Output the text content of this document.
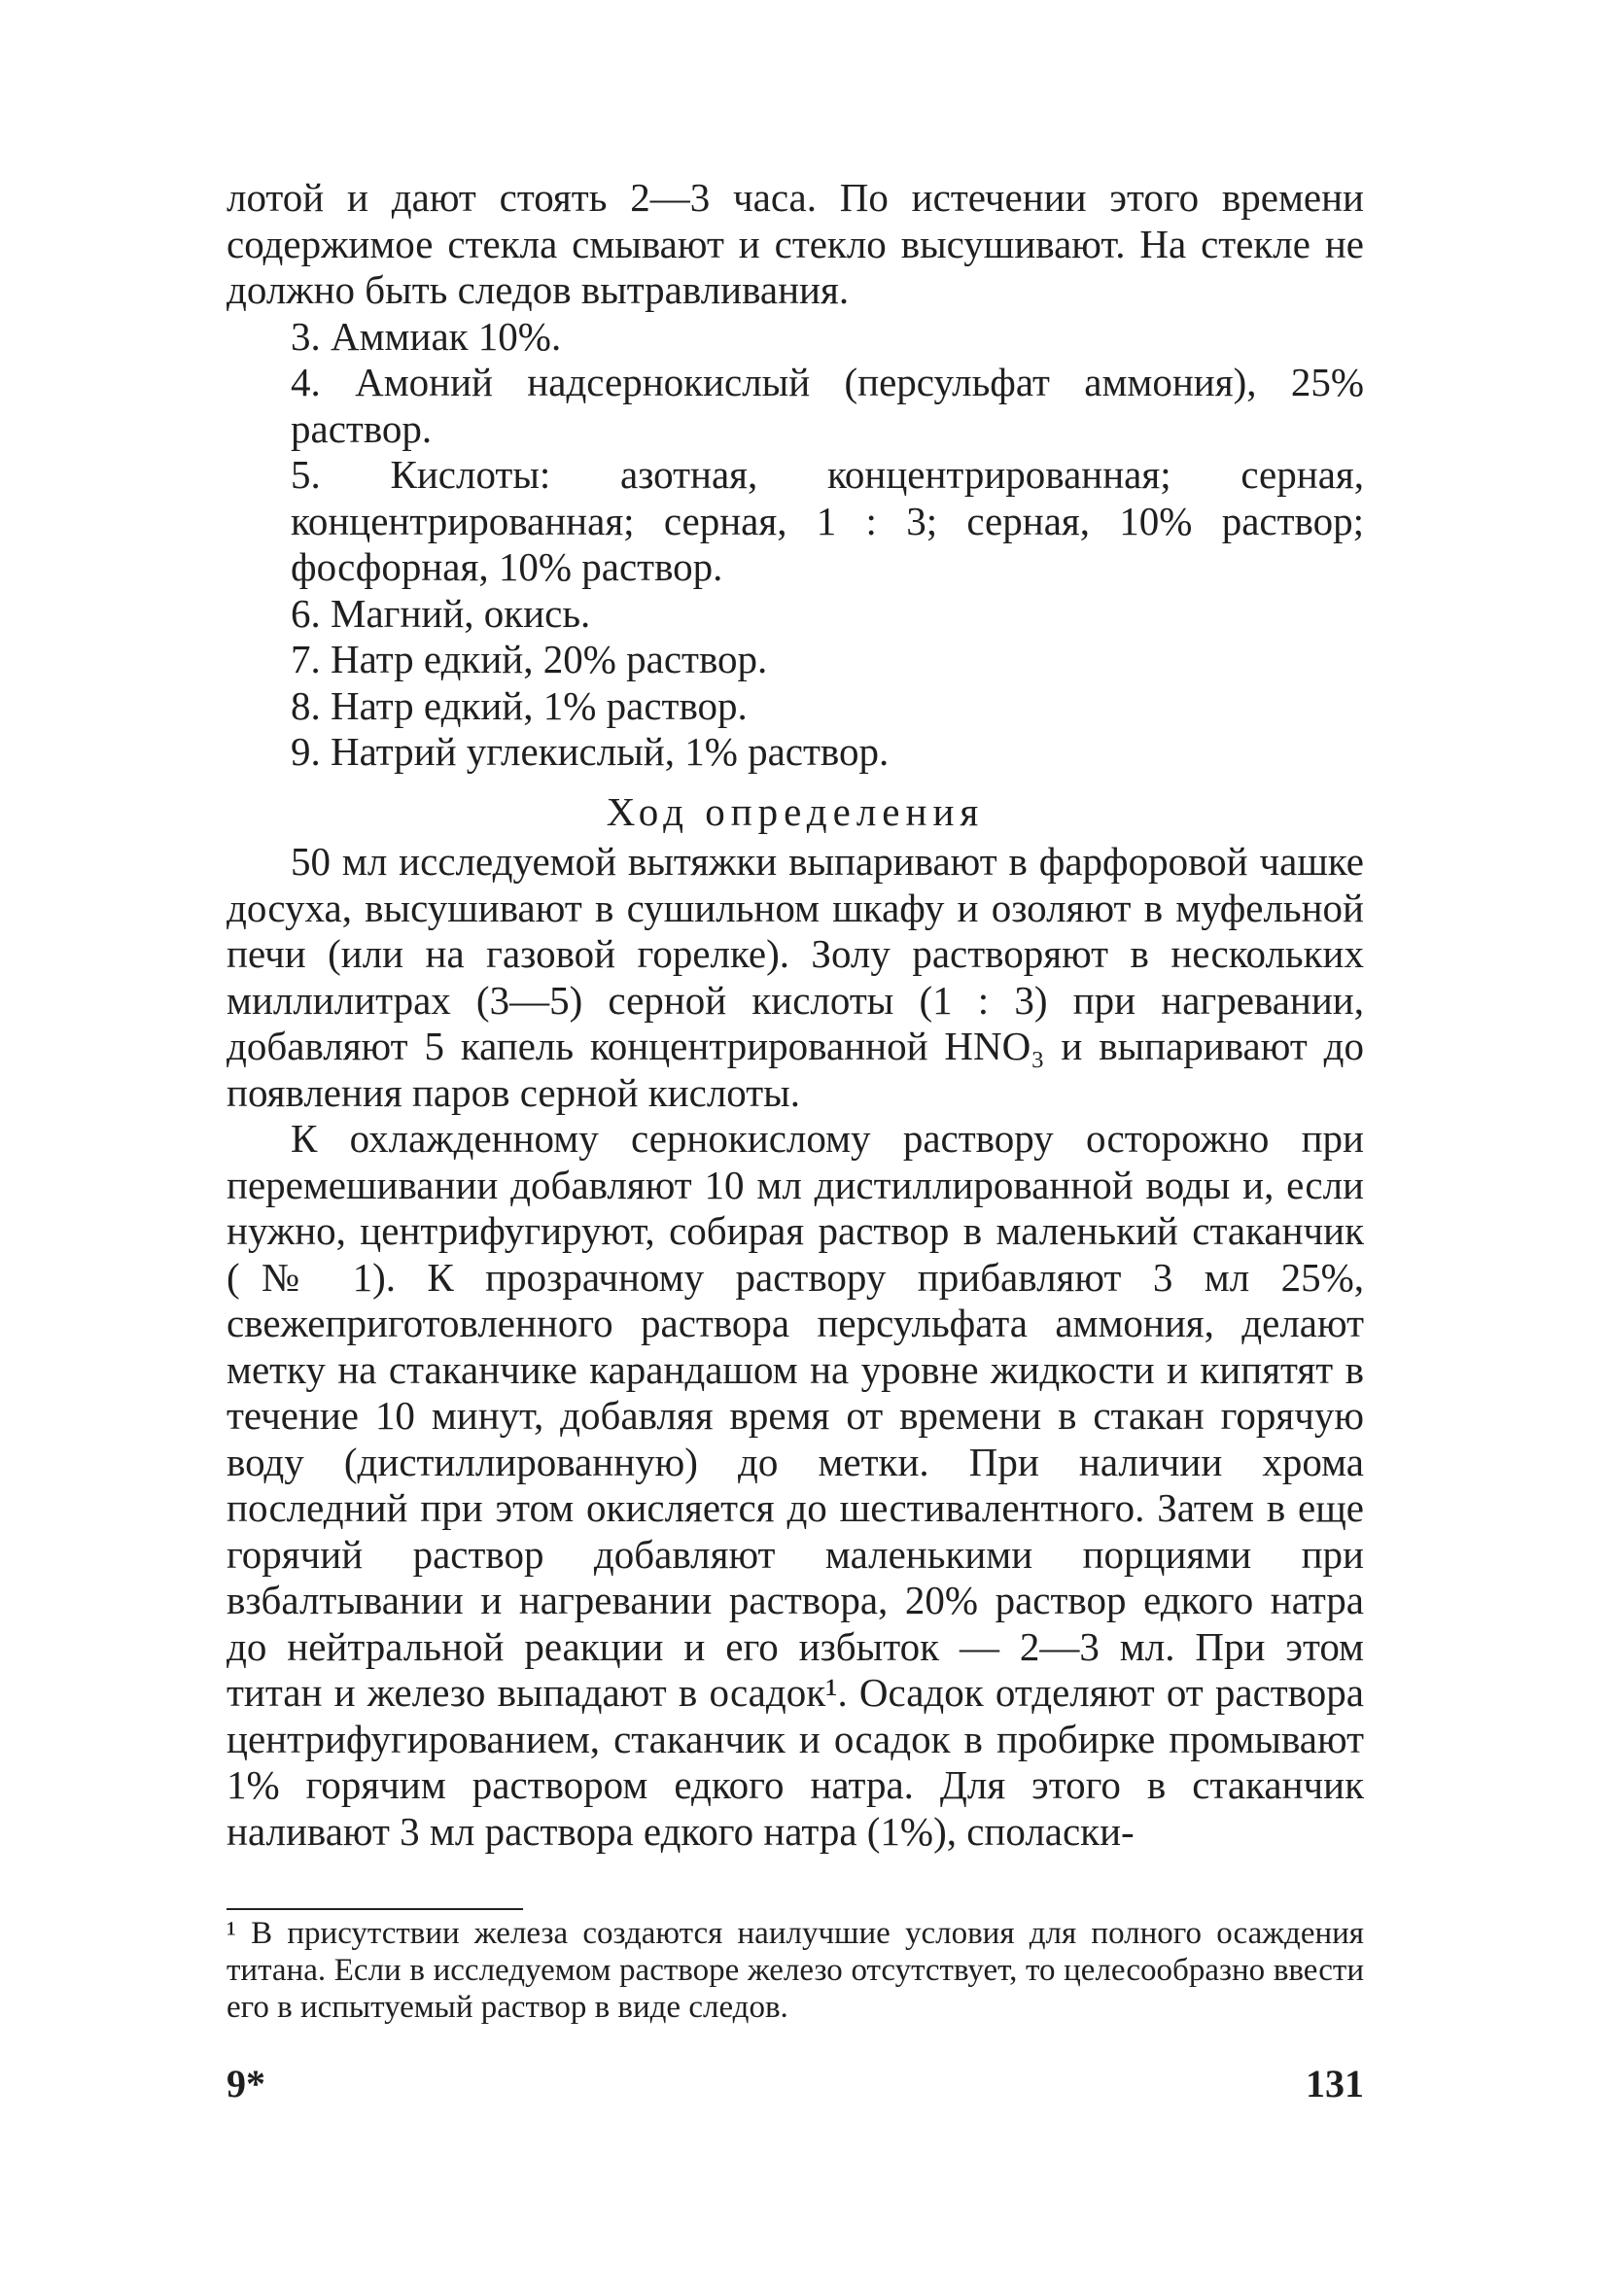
лотой и дают стоять 2—3 часа. По истечении этого времени содержимое стекла смывают и стекло высушивают. На стекле не должно быть следов вытравливания.

3. Аммиак 10%.

4. Амоний надсернокислый (персульфат аммония), 25% раствор.

5. Кислоты: азотная, концентрированная; серная, концентрированная; серная, 1 : 3; серная, 10% раствор; фосфорная, 10% раствор.

6. Магний, окись.

7. Натр едкий, 20% раствор.

8. Натр едкий, 1% раствор.

9. Натрий углекислый, 1% раствор.

Ход определения

50 мл исследуемой вытяжки выпаривают в фарфоровой чашке досуха, высушивают в сушильном шкафу и озоляют в муфельной печи (или на газовой горелке). Золу растворяют в нескольких миллилитрах (3—5) серной кислоты (1 : 3) при нагревании, добавляют 5 капель концентрированной HNO₃ и выпаривают до появления паров серной кислоты.

К охлажденному сернокислому раствору осторожно при перемешивании добавляют 10 мл дистиллированной воды и, если нужно, центрифугируют, собирая раствор в маленький стаканчик (№ 1). К прозрачному раствору прибавляют 3 мл 25%, свежеприготовленного раствора персульфата аммония, делают метку на стаканчике карандашом на уровне жидкости и кипятят в течение 10 минут, добавляя время от времени в стакан горячую воду (дистиллированную) до метки. При наличии хрома последний при этом окисляется до шестивалентного. Затем в еще горячий раствор добавляют маленькими порциями при взбалтывании и нагревании раствора, 20% раствор едкого натра до нейтральной реакции и его избыток — 2—3 мл. При этом титан и железо выпадают в осадок¹. Осадок отделяют от раствора центрифугированием, стаканчик и осадок в пробирке промывают 1% горячим раствором едкого натра. Для этого в стаканчик наливают 3 мл раствора едкого натра (1%), споласки-

¹ В присутствии железа создаются наилучшие условия для полного осаждения титана. Если в исследуемом растворе железо отсутствует, то целесообразно ввести его в испытуемый раствор в виде следов.

9*	131
